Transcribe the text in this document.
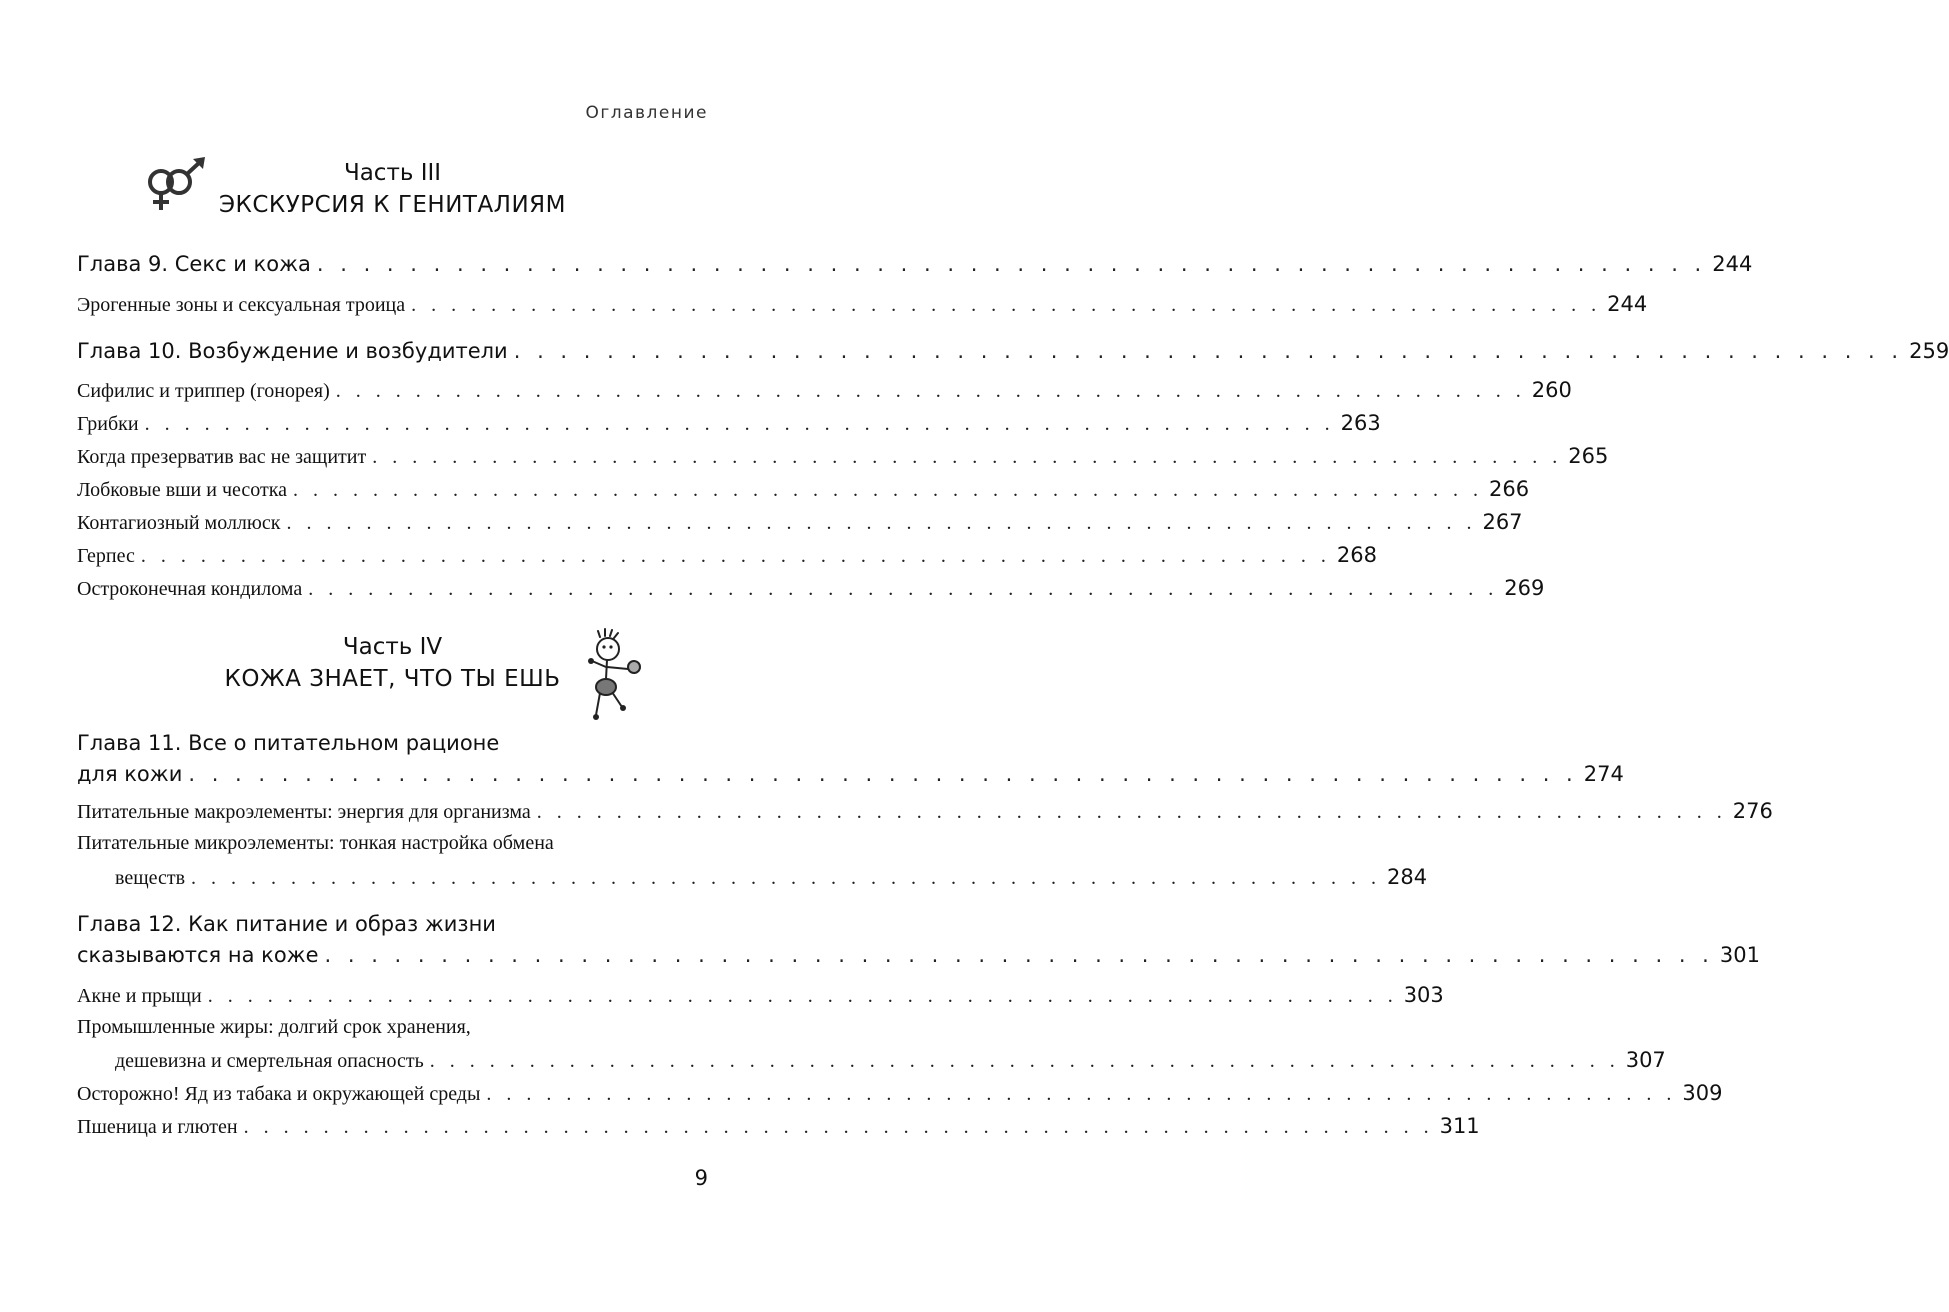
Оглавление
Часть III
ЭКСКУРСИЯ К ГЕНИТАЛИЯМ
Глава 9. Секс и кожа . . . . . . . . . . . . . . . . . . . . . . . . . . . . . . . . . . . . . . . . . . . . . . . . . . . . . . . . . . . . 244
Эрогенные зоны и сексуальная троица . . . . . . . . . . . . . . . . . . . . . . . . . . . . . . . . . . . . . . . . . . . . . . . . . . . . . . . . . . . . 244
Глава 10. Возбуждение и возбудители . . . . . . . . . . . . . . . . . . . . . . . . . . . . . . . . . . . . . . . . . . . . . . . . . . . . . . . . . . . . 259
Сифилис и триппер (гонорея) . . . . . . . . . . . . . . . . . . . . . . . . . . . . . . . . . . . . . . . . . . . . . . . . . . . . . . . . . . . . 260
Грибки . . . . . . . . . . . . . . . . . . . . . . . . . . . . . . . . . . . . . . . . . . . . . . . . . . . . . . . . . . . . 263
Когда презерватив вас не защитит . . . . . . . . . . . . . . . . . . . . . . . . . . . . . . . . . . . . . . . . . . . . . . . . . . . . . . . . . . . . 265
Лобковые вши и чесотка . . . . . . . . . . . . . . . . . . . . . . . . . . . . . . . . . . . . . . . . . . . . . . . . . . . . . . . . . . . . 266
Контагиозный моллюск . . . . . . . . . . . . . . . . . . . . . . . . . . . . . . . . . . . . . . . . . . . . . . . . . . . . . . . . . . . . 267
Герпес . . . . . . . . . . . . . . . . . . . . . . . . . . . . . . . . . . . . . . . . . . . . . . . . . . . . . . . . . . . . 268
Остроконечная кондилома . . . . . . . . . . . . . . . . . . . . . . . . . . . . . . . . . . . . . . . . . . . . . . . . . . . . . . . . . . . . 269
Часть IV
КОЖА ЗНАЕТ, ЧТО ТЫ ЕШЬ
Глава 11. Все о питательном рационе
для кожи . . . . . . . . . . . . . . . . . . . . . . . . . . . . . . . . . . . . . . . . . . . . . . . . . . . . . . . . . . . . 274
Питательные макроэлементы: энергия для организма . . . . . . . . . . . . . . . . . . . . . . . . . . . . . . . . . . . . . . . . . . . . . . . . . . . . . . . . . . . . 276
Питательные микроэлементы: тонкая настройка обмена
веществ . . . . . . . . . . . . . . . . . . . . . . . . . . . . . . . . . . . . . . . . . . . . . . . . . . . . . . . . . . . . 284
Глава 12. Как питание и образ жизни
сказываются на коже . . . . . . . . . . . . . . . . . . . . . . . . . . . . . . . . . . . . . . . . . . . . . . . . . . . . . . . . . . . . 301
Акне и прыщи . . . . . . . . . . . . . . . . . . . . . . . . . . . . . . . . . . . . . . . . . . . . . . . . . . . . . . . . . . . . 303
Промышленные жиры: долгий срок хранения,
дешевизна и смертельная опасность . . . . . . . . . . . . . . . . . . . . . . . . . . . . . . . . . . . . . . . . . . . . . . . . . . . . . . . . . . . . 307
Осторожно! Яд из табака и окружающей среды . . . . . . . . . . . . . . . . . . . . . . . . . . . . . . . . . . . . . . . . . . . . . . . . . . . . . . . . . . . . 309
Пшеница и глютен . . . . . . . . . . . . . . . . . . . . . . . . . . . . . . . . . . . . . . . . . . . . . . . . . . . . . . . . . . . . 311
9
